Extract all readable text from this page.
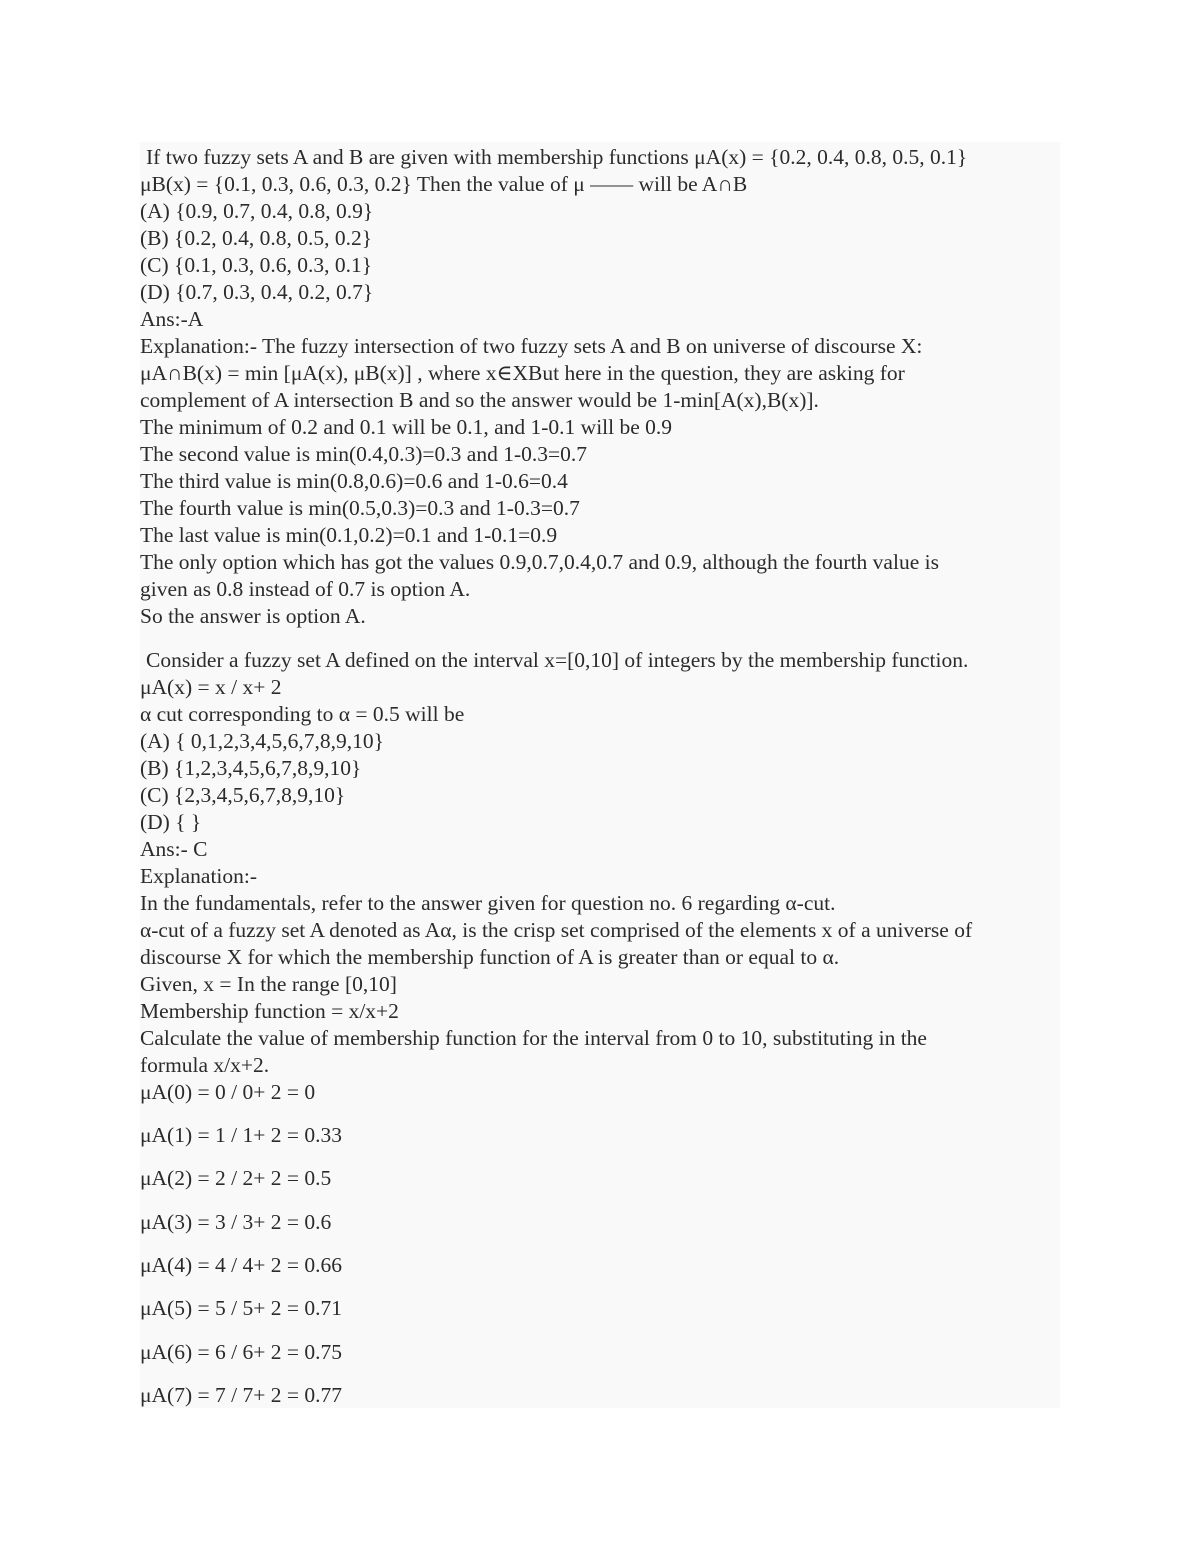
If two fuzzy sets A and B are given with membership functions μA(x) = {0.2, 0.4, 0.8, 0.5, 0.1}
μB(x) = {0.1, 0.3, 0.6, 0.3, 0.2} Then the value of μ —— will be A∩B
(A) {0.9, 0.7, 0.4, 0.8, 0.9}
(B) {0.2, 0.4, 0.8, 0.5, 0.2}
(C) {0.1, 0.3, 0.6, 0.3, 0.1}
(D) {0.7, 0.3, 0.4, 0.2, 0.7}
Ans:-A
Explanation:- The fuzzy intersection of two fuzzy sets A and B on universe of discourse X:
μA∩B(x) = min [μA(x), μB(x)] , where x∈XBut here in the question, they are asking for
complement of A intersection B and so the answer would be 1-min[A(x),B(x)].
The minimum of 0.2 and 0.1 will be 0.1, and 1-0.1 will be 0.9
The second value is min(0.4,0.3)=0.3 and 1-0.3=0.7
The third value is min(0.8,0.6)=0.6 and 1-0.6=0.4
The fourth value is min(0.5,0.3)=0.3 and 1-0.3=0.7
The last value is min(0.1,0.2)=0.1 and 1-0.1=0.9
The only option which has got the values 0.9,0.7,0.4,0.7 and 0.9, although the fourth value is
given as 0.8 instead of 0.7 is option A.
So the answer is option A.
Consider a fuzzy set A defined on the interval x=[0,10] of integers by the membership function.
μA(x) = x / x+ 2
α cut corresponding to α = 0.5 will be
(A) { 0,1,2,3,4,5,6,7,8,9,10}
(B) {1,2,3,4,5,6,7,8,9,10}
(C) {2,3,4,5,6,7,8,9,10}
(D) { }
Ans:- C
Explanation:-
In the fundamentals, refer to the answer given for question no. 6 regarding α-cut.
α-cut of a fuzzy set A denoted as Aα, is the crisp set comprised of the elements x of a universe of
discourse X for which the membership function of A is greater than or equal to α.
Given, x = In the range [0,10]
Membership function = x/x+2
Calculate the value of membership function for the interval from 0 to 10, substituting in the
formula x/x+2.
μA(0) = 0 / 0+ 2 = 0
μA(1) = 1 / 1+ 2 = 0.33
μA(2) = 2 / 2+ 2 = 0.5
μA(3) = 3 / 3+ 2 = 0.6
μA(4) = 4 / 4+ 2 = 0.66
μA(5) = 5 / 5+ 2 = 0.71
μA(6) = 6 / 6+ 2 = 0.75
μA(7) = 7 / 7+ 2 = 0.77
